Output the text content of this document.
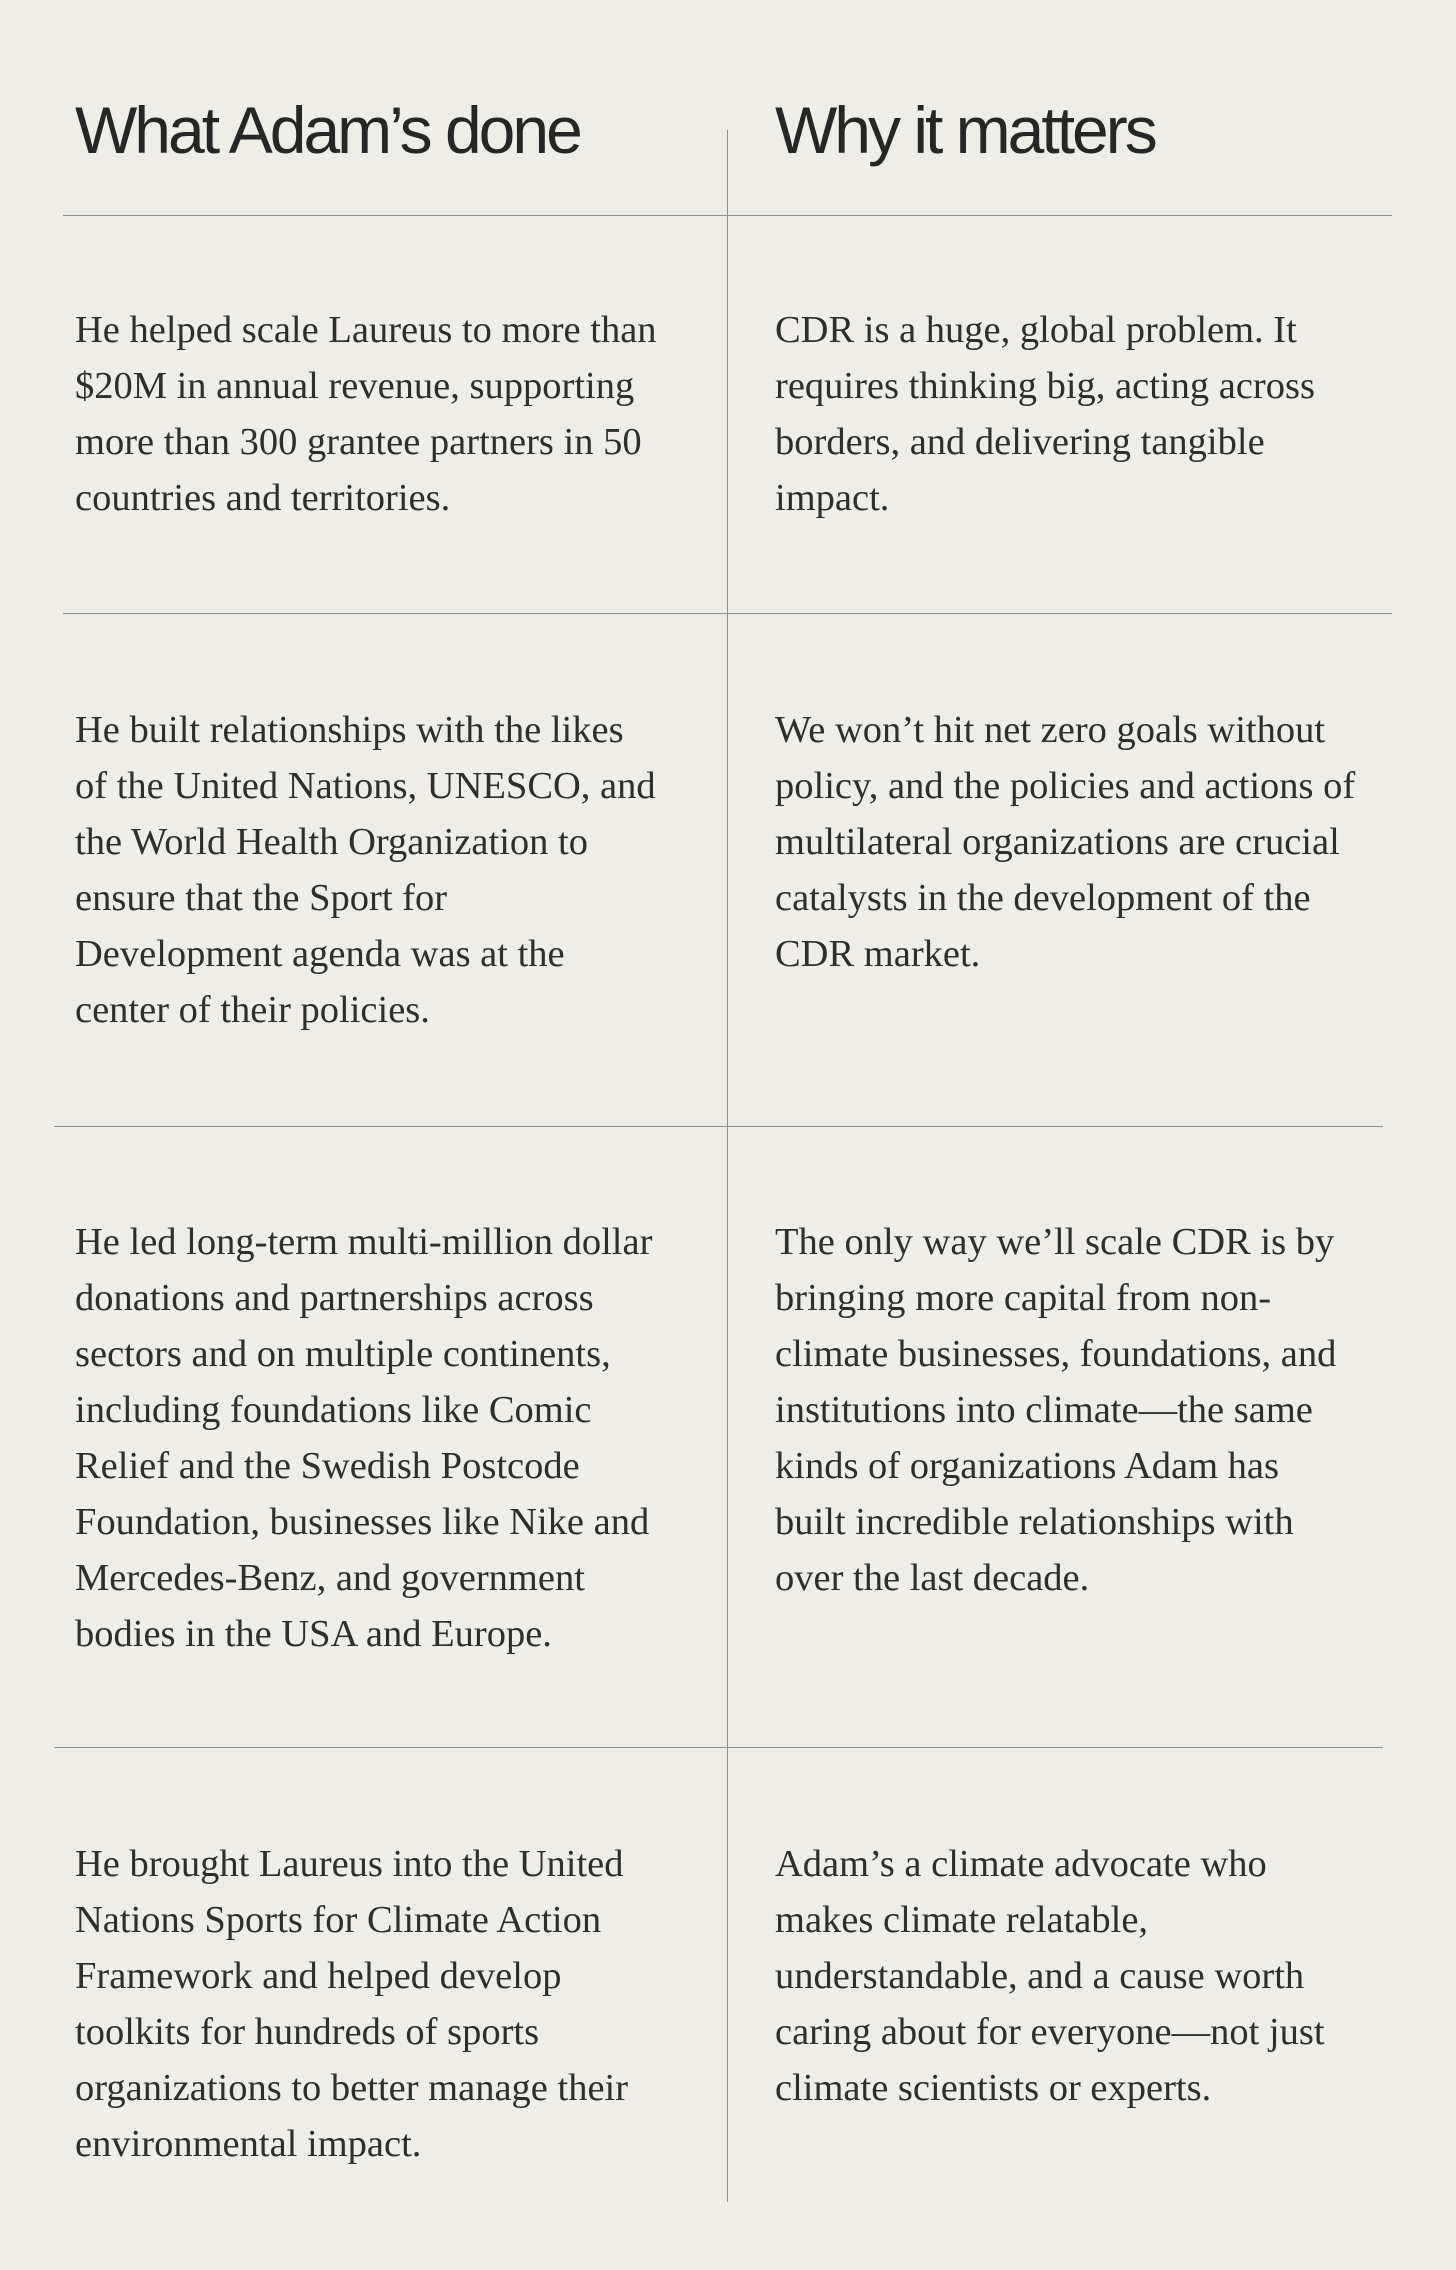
What Adam’s done	Why it matters
He helped scale Laureus to more than
$20M in annual revenue, supporting
more than 300 grantee partners in 50
countries and territories.
CDR is a huge, global problem. It
requires thinking big, acting across
borders, and delivering tangible
impact.
He built relationships with the likes
of the United Nations, UNESCO, and
the World Health Organization to
ensure that the Sport for
Development agenda was at the
center of their policies.
We won’t hit net zero goals without
policy, and the policies and actions of
multilateral organizations are crucial
catalysts in the development of the
CDR market.
He led long-term multi-million dollar
donations and partnerships across
sectors and on multiple continents,
including foundations like Comic
Relief and the Swedish Postcode
Foundation, businesses like Nike and
Mercedes-Benz, and government
bodies in the USA and Europe.
The only way we’ll scale CDR is by
bringing more capital from non-
climate businesses, foundations, and
institutions into climate—the same
kinds of organizations Adam has
built incredible relationships with
over the last decade.
He brought Laureus into the United
Nations Sports for Climate Action
Framework and helped develop
toolkits for hundreds of sports
organizations to better manage their
environmental impact.
Adam’s a climate advocate who
makes climate relatable,
understandable, and a cause worth
caring about for everyone—not just
climate scientists or experts.
